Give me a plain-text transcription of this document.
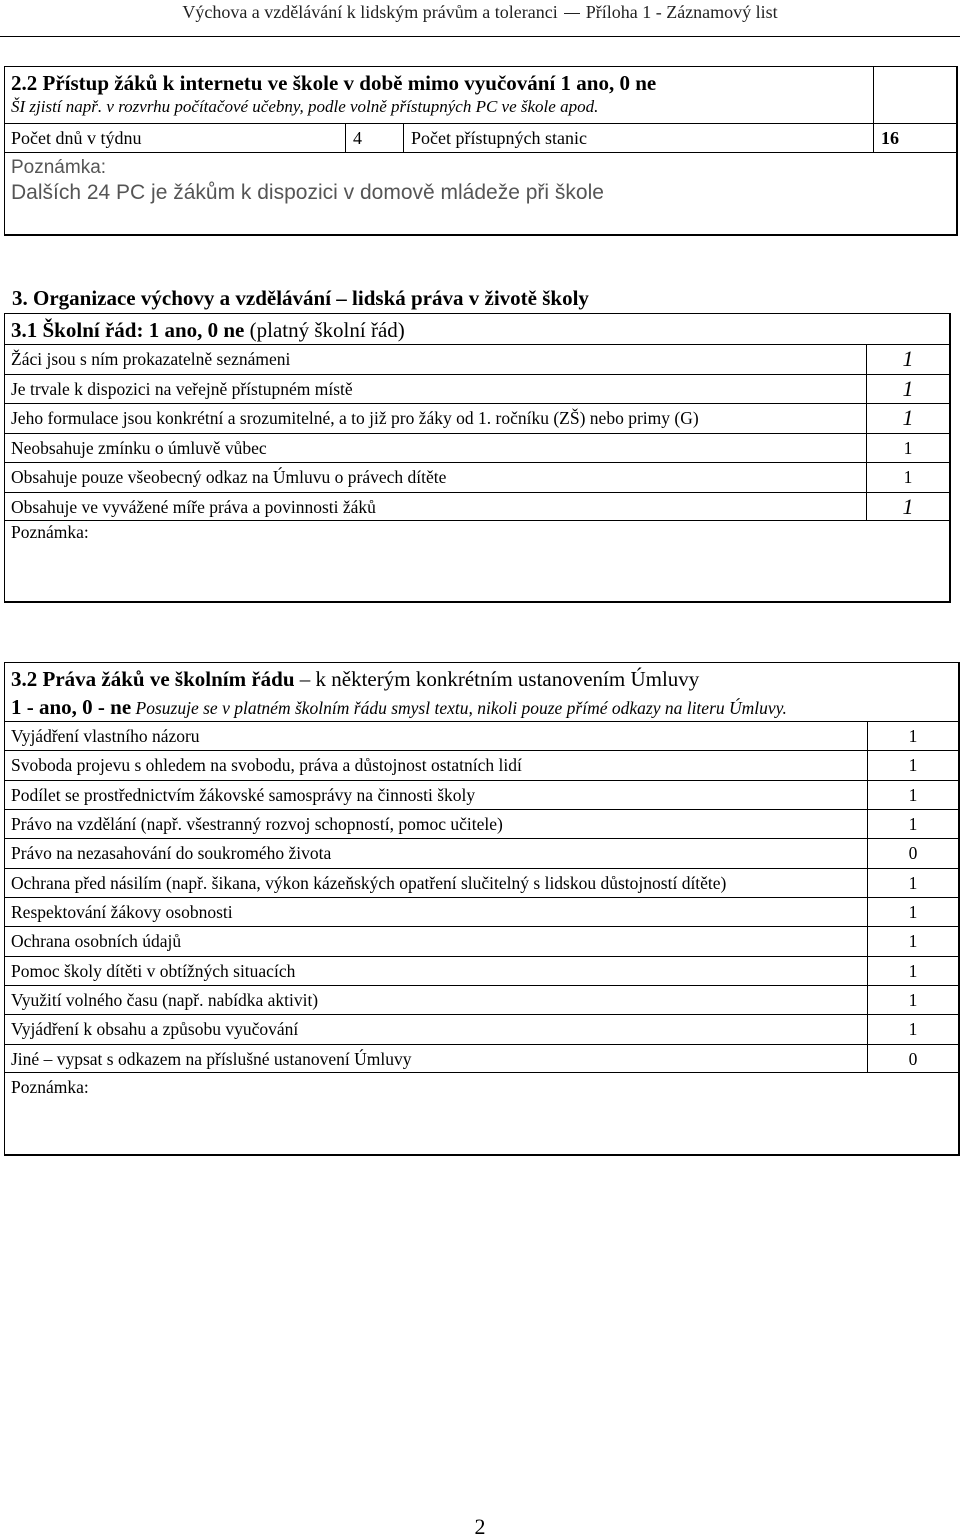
Výchova a vzdělávání k lidským právům a toleranci Příloha 1 - Záznamový list
2.2 Přístup žáků k internetu ve škole v době mimo vyučování 1 ano, 0 ne
ŠI zjistí např. v rozvrhu počítačové učebny, podle volně přístupných PC ve škole apod.
Počet dnů v týdnu	4	Počet přístupných stanic	16
Poznámka:
Dalších 24 PC je žákům k dispozici v domově mládeže při škole
3. Organizace výchovy a vzdělávání – lidská práva v životě školy
3.1 Školní řád: 1 ano, 0 ne (platný školní řád)
Žáci jsou s ním prokazatelně seznámeni	1
Je trvale k dispozici na veřejně přístupném místě	1
Jeho formulace jsou konkrétní a srozumitelné, a to již pro žáky od 1. ročníku (ZŠ) nebo primy (G)	1
Neobsahuje zmínku o úmluvě vůbec	1
Obsahuje pouze všeobecný odkaz na Úmluvu o právech dítěte	1
Obsahuje ve vyvážené míře práva a povinnosti žáků	1
Poznámka:
3.2 Práva žáků ve školním řádu – k některým konkrétním ustanovením Úmluvy
1 - ano, 0 - ne Posuzuje se v platném školním řádu smysl textu, nikoli pouze přímé odkazy na literu Úmluvy.
Vyjádření vlastního názoru	1
Svoboda projevu s ohledem na svobodu, práva a důstojnost ostatních lidí	1
Podílet se prostřednictvím žákovské samosprávy na činnosti školy	1
Právo na vzdělání (např. všestranný rozvoj schopností, pomoc učitele)	1
Právo na nezasahování do soukromého života	0
Ochrana před násilím (např. šikana, výkon kázeňských opatření slučitelný s lidskou důstojností dítěte)	1
Respektování žákovy osobnosti	1
Ochrana osobních údajů	1
Pomoc školy dítěti v obtížných situacích	1
Využití volného času (např. nabídka aktivit)	1
Vyjádření k obsahu a způsobu vyučování	1
Jiné – vypsat s odkazem na příslušné ustanovení Úmluvy	0
Poznámka:
2
